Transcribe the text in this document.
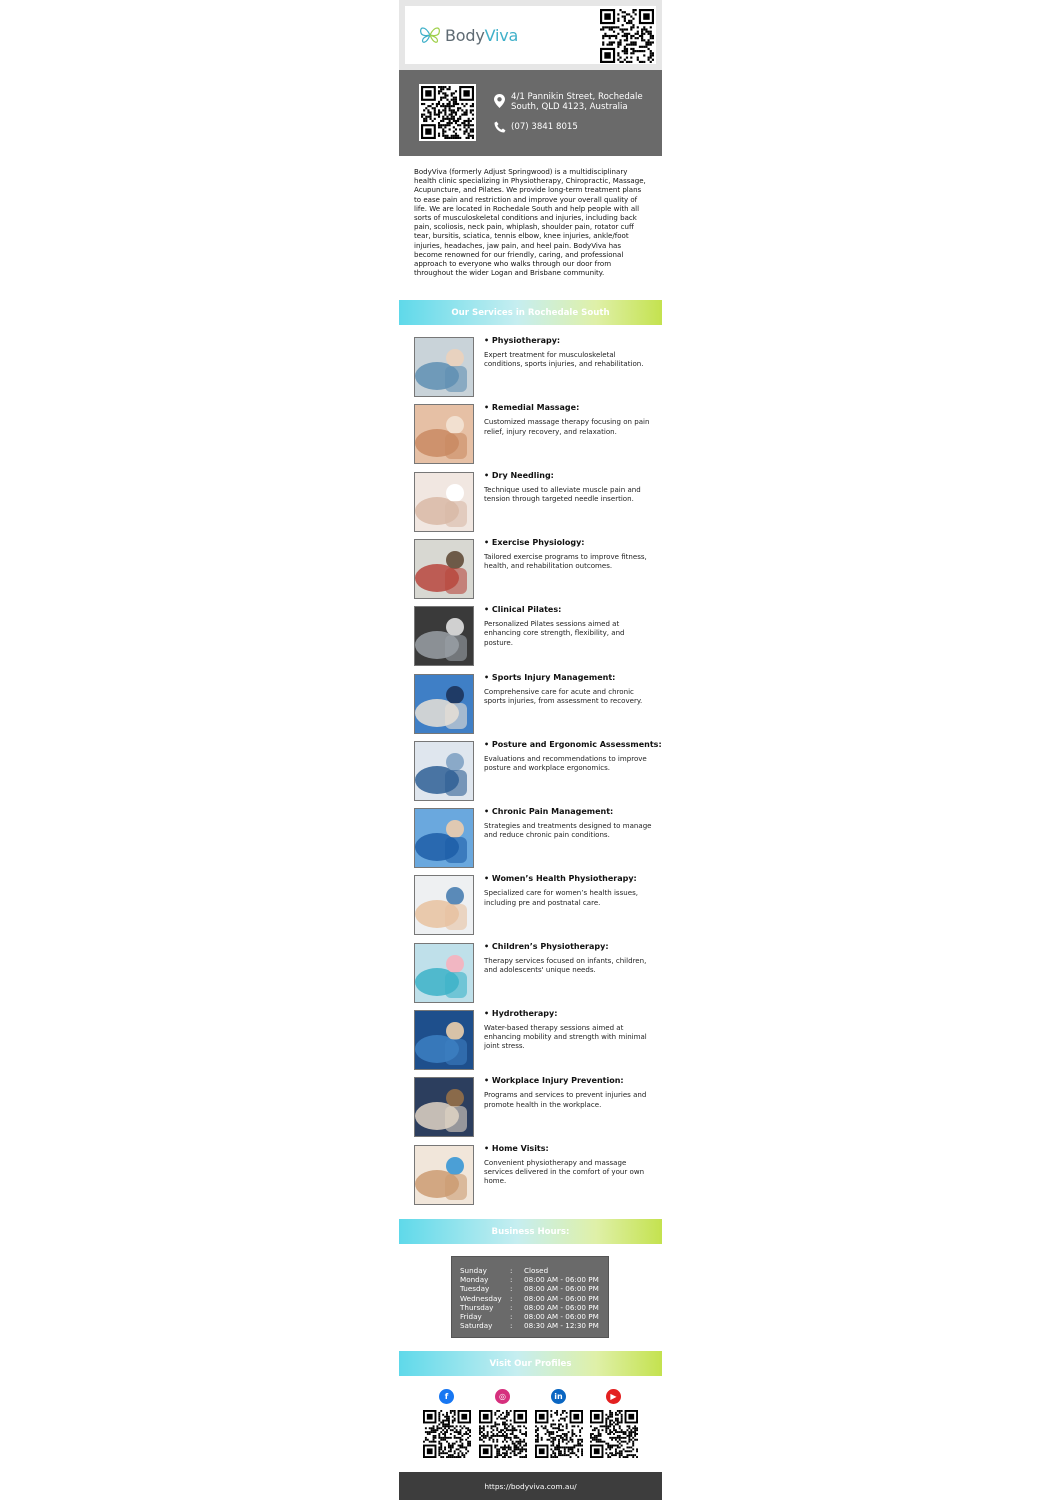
BodyViva
4/1 Pannikin Street, Rochedale South, QLD 4123, Australia
(07) 3841 8015
BodyViva (formerly Adjust Springwood) is a multidisciplinary health clinic specializing in Physiotherapy, Chiropractic, Massage, Acupuncture, and Pilates. We provide long-term treatment plans to ease pain and restriction and improve your overall quality of life. We are located in Rochedale South and help people with all sorts of musculoskeletal conditions and injuries, including back pain, scoliosis, neck pain, whiplash, shoulder pain, rotator cuff tear, bursitis, sciatica, tennis elbow, knee injuries, ankle/foot injuries, headaches, jaw pain, and heel pain. BodyViva has become renowned for our friendly, caring, and professional approach to everyone who walks through our door from throughout the wider Logan and Brisbane community.
Our Services in Rochedale South
• Physiotherapy:
Expert treatment for musculoskeletal conditions, sports injuries, and rehabilitation.
• Remedial Massage:
Customized massage therapy focusing on pain relief, injury recovery, and relaxation.
• Dry Needling:
Technique used to alleviate muscle pain and tension through targeted needle insertion.
• Exercise Physiology:
Tailored exercise programs to improve fitness, health, and rehabilitation outcomes.
• Clinical Pilates:
Personalized Pilates sessions aimed at enhancing core strength, flexibility, and posture.
• Sports Injury Management:
Comprehensive care for acute and chronic sports injuries, from assessment to recovery.
• Posture and Ergonomic Assessments:
Evaluations and recommendations to improve posture and workplace ergonomics.
• Chronic Pain Management:
Strategies and treatments designed to manage and reduce chronic pain conditions.
• Women’s Health Physiotherapy:
Specialized care for women’s health issues, including pre and postnatal care.
• Children’s Physiotherapy:
Therapy services focused on infants, children, and adolescents' unique needs.
• Hydrotherapy:
Water-based therapy sessions aimed at enhancing mobility and strength with minimal joint stress.
• Workplace Injury Prevention:
Programs and services to prevent injuries and promote health in the workplace.
• Home Visits:
Convenient physiotherapy and massage services delivered in the comfort of your own home.
Business Hours:
Sunday	: Closed
Monday	: 08:00 AM - 06:00 PM
Tuesday	: 08:00 AM - 06:00 PM
Wednesday : 08:00 AM - 06:00 PM
Thursday : 08:00 AM - 06:00 PM
Friday	: 08:00 AM - 06:00 PM
Saturday : 08:30 AM - 12:30 PM
Visit Our Profiles
f	◎	in	▶
https://bodyviva.com.au/
